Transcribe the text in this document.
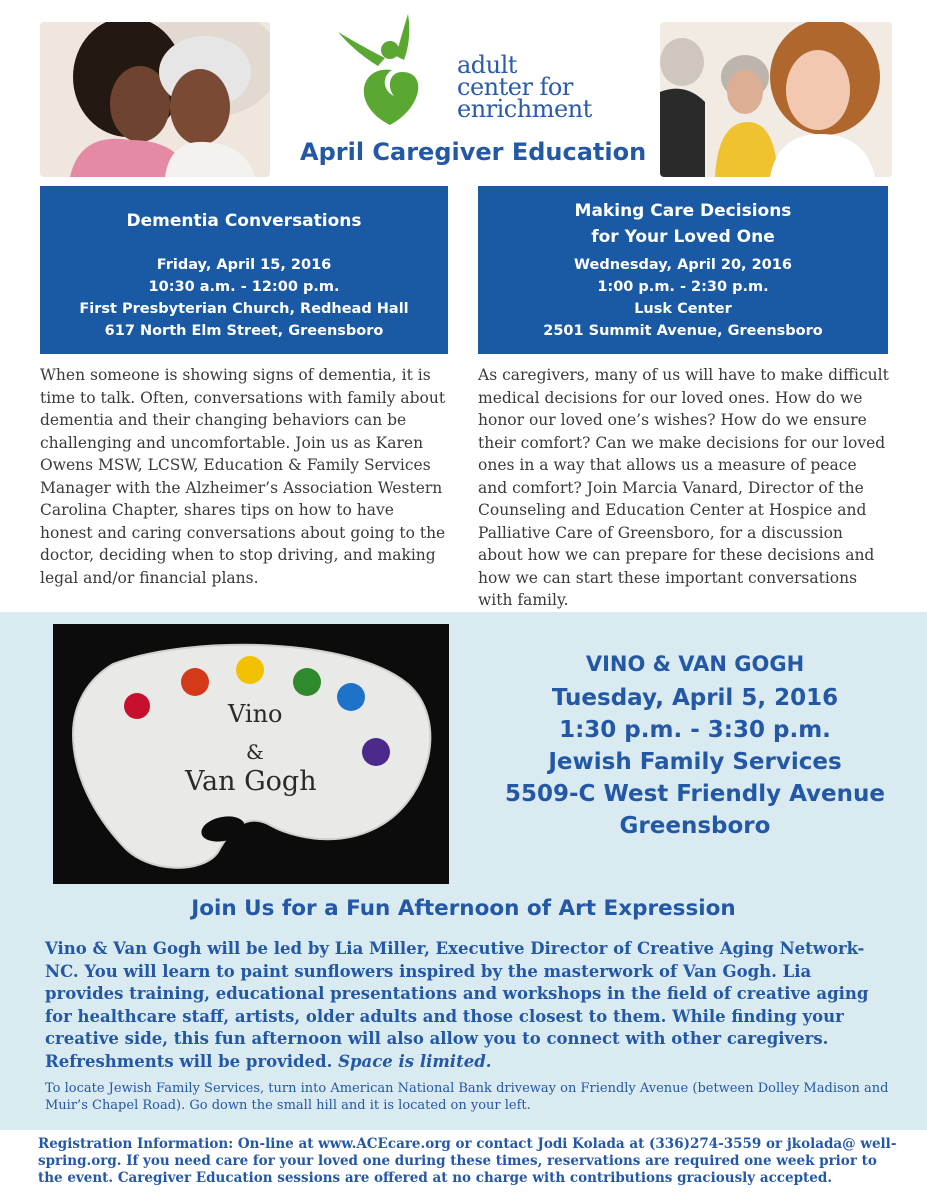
adult
center for
enrichment
April Caregiver Education
Dementia Conversations
Friday, April 15, 2016
10:30 a.m. - 12:00 p.m.
First Presbyterian Church, Redhead Hall
617 North Elm Street, Greensboro
Making Care Decisions
for Your Loved One
Wednesday, April 20, 2016
1:00 p.m. - 2:30 p.m.
Lusk Center
2501 Summit Avenue, Greensboro
When someone is showing signs of dementia, it is time to talk. Often, conversations with family about dementia and their changing behaviors can be challenging and uncomfortable. Join us as Karen Owens MSW, LCSW, Education & Family Services Manager with the Alzheimer’s Association Western Carolina Chapter, shares tips on how to have honest and caring conversations about going to the doctor, deciding when to stop driving, and making legal and/or financial plans.
As caregivers, many of us will have to make difficult medical decisions for our loved ones. How do we honor our loved one’s wishes? How do we ensure their comfort? Can we make decisions for our loved ones in a way that allows us a measure of peace and comfort? Join Marcia Vanard, Director of the Counseling and Education Center at Hospice and Palliative Care of Greensboro, for a discussion about how we can prepare for these decisions and how we can start these important conversations with family.
Vino
&
Van Gogh
VINO & VAN GOGH
Tuesday, April 5, 2016
1:30 p.m. - 3:30 p.m.
Jewish Family Services
5509-C West Friendly Avenue
Greensboro
Join Us for a Fun Afternoon of Art Expression
Vino & Van Gogh will be led by Lia Miller, Executive Director of Creative Aging Network-NC. You will learn to paint sunflowers inspired by the masterwork of Van Gogh. Lia provides training, educational presentations and workshops in the field of creative aging for healthcare staff, artists, older adults and those closest to them. While finding your creative side, this fun afternoon will also allow you to connect with other caregivers. Refreshments will be provided. Space is limited.
To locate Jewish Family Services, turn into American National Bank driveway on Friendly Avenue (between Dolley Madison and Muir’s Chapel Road). Go down the small hill and it is located on your left.
Registration Information: On-line at www.ACEcare.org or contact Jodi Kolada at (336)274-3559 or jkolada@ well-spring.org. If you need care for your loved one during these times, reservations are required one week prior to the event. Caregiver Education sessions are offered at no charge with contributions graciously accepted.
